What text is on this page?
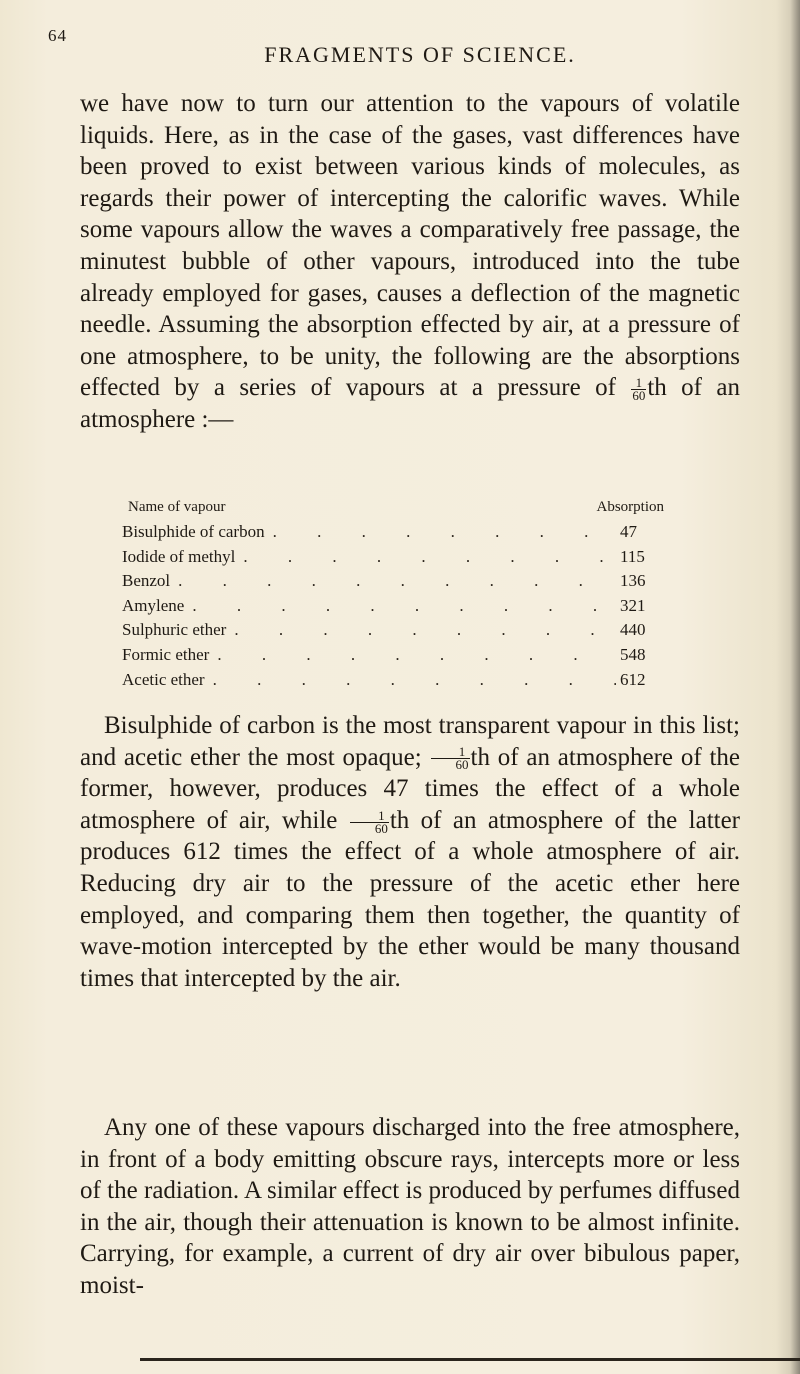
64
FRAGMENTS OF SCIENCE.

we have now to turn our attention to the vapours of volatile liquids. Here, as in the case of the gases, vast differences have been proved to exist between various kinds of molecules, as regards their power of intercepting the calorific waves. While some vapours allow the waves a comparatively free passage, the minutest bubble of other vapours, introduced into the tube already employed for gases, causes a deflection of the magnetic needle. Assuming the absorption effected by air, at a pressure of one atmosphere, to be unity, the following are the absorptions effected by a series of vapours at a pressure of $\frac{1}{60}$ th of an atmosphere :—

Name of vapour	Absorption
Bisulphide of carbon . . .	47
Iodide of methyl . . .	115
Benzol . . .	136
Amylene . . .	321
Sulphuric ether . . .	440
Formic ether . . .	548
Acetic ether . . .	612

Bisulphide of carbon is the most transparent vapour in this list; and acetic ether the most opaque; $\frac{1}{60}$ th of an atmosphere of the former, however, produces 47 times the effect of a whole atmosphere of air, while $\frac{1}{60}$ th of an atmosphere of the latter produces 612 times the effect of a whole atmosphere of air. Reducing dry air to the pressure of the acetic ether here employed, and comparing them then together, the quantity of wave-motion intercepted by the ether would be many thousand times that intercepted by the air.

Any one of these vapours discharged into the free atmosphere, in front of a body emitting obscure rays, intercepts more or less of the radiation. A similar effect is produced by perfumes diffused in the air, though their attenuation is known to be almost infinite. Carrying, for example, a current of dry air over bibulous paper, moist-
